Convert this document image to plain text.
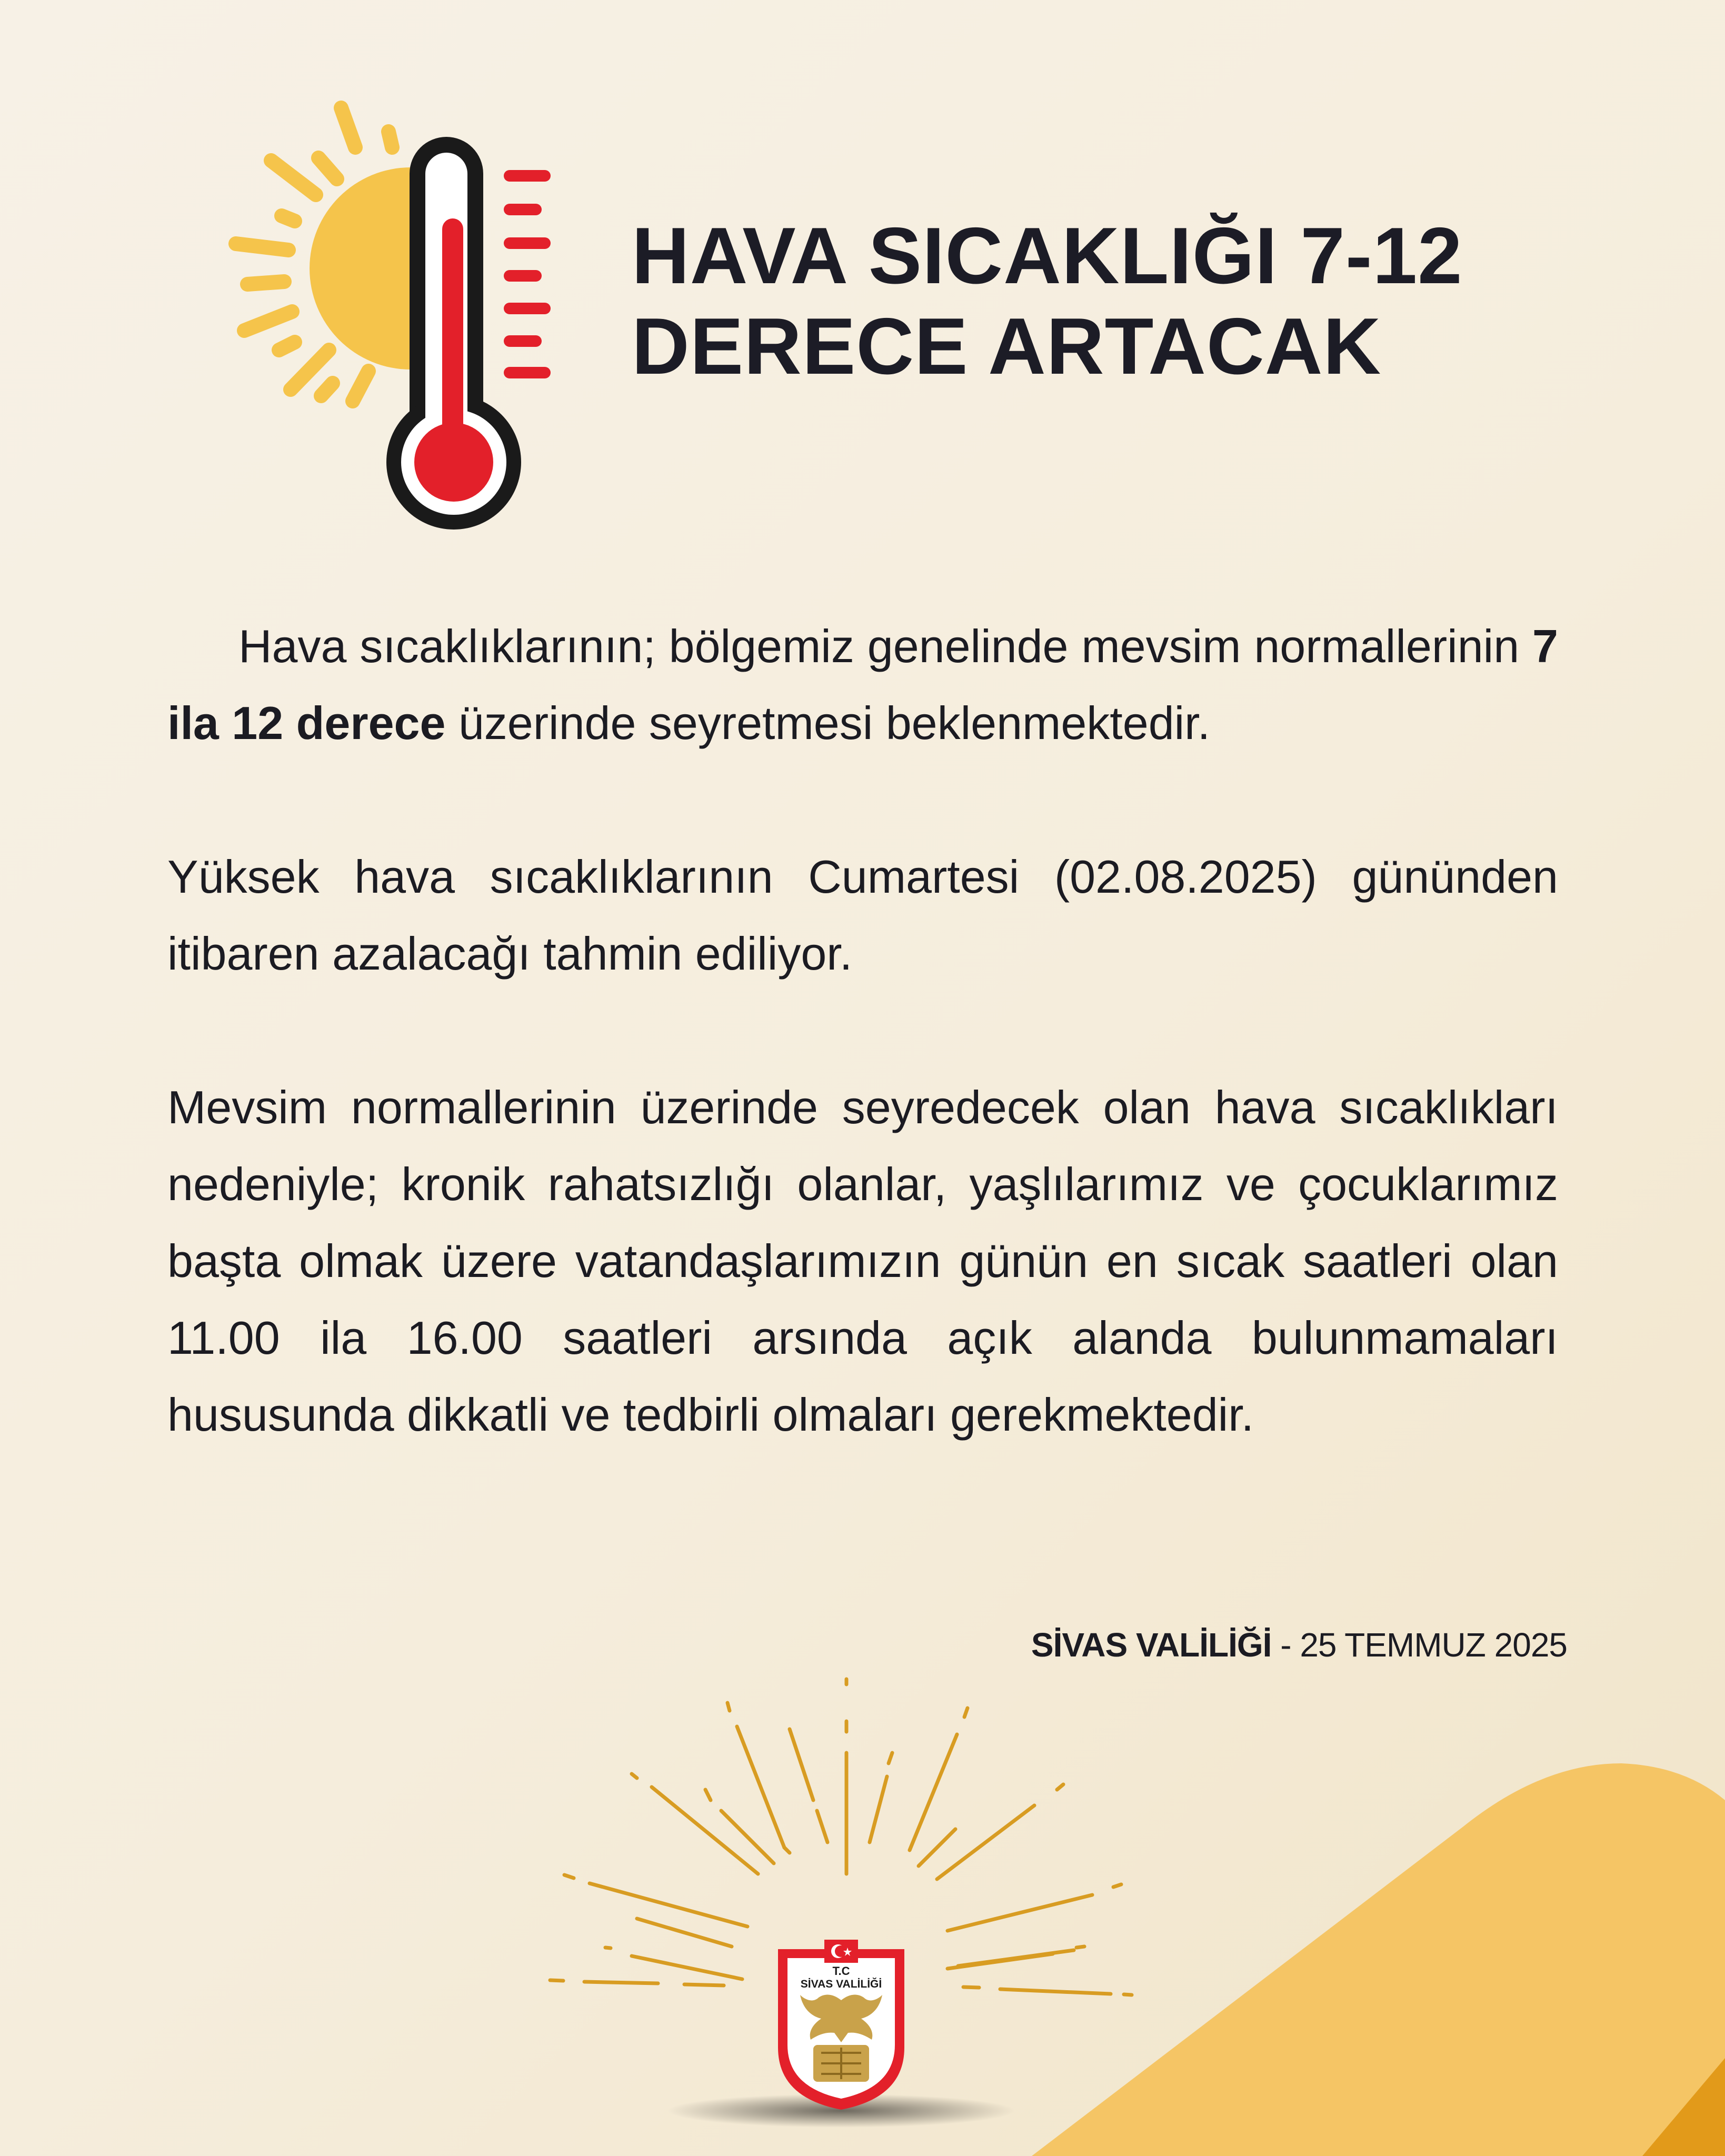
HAVA SICAKLIĞI 7-12
DERECE ARTACAK

Hava sıcaklıklarının; bölgemiz genelinde mevsim normallerinin 7 ila 12 derece üzerinde seyretmesi beklenmektedir.

Yüksek hava sıcaklıklarının Cumartesi (02.08.2025) gününden itibaren azalacağı tahmin ediliyor.

Mevsim normallerinin üzerinde seyredecek olan hava sıcaklıkları nedeniyle; kronik rahatsızlığı olanlar, yaşlılarımız ve çocuklarımız başta olmak üzere vatandaşlarımızın günün en sıcak saatleri olan 11.00 ila 16.00 saatleri arsında açık alanda bulunmamaları hususunda dikkatli ve tedbirli olmaları gerekmektedir.

SİVAS VALİLİĞİ - 25 TEMMUZ 2025
T.C
SİVAS VALİLİĞİ
